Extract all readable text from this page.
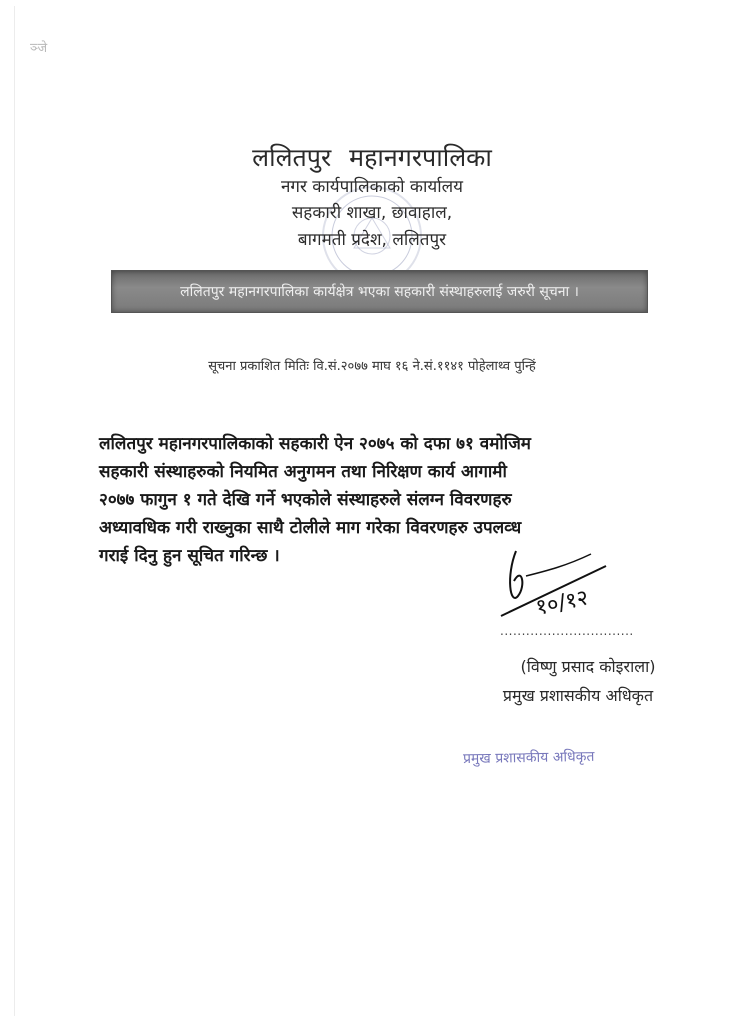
ञ्जे
ललितपुर महानगरपालिका
नगर कार्यपालिकाको कार्यालय
सहकारी शाखा, छावाहाल,
बागमती प्रदेश, ललितपुर
ललितपुर महानगरपालिका कार्यक्षेत्र भएका सहकारी संस्थाहरुलाई जरुरी सूचना ।
सूचना प्रकाशित मितिः वि.सं.२०७७ माघ १६ ने.सं.११४१ पोहेलाथ्व पुन्हिं
ललितपुर महानगरपालिकाको सहकारी ऐन २०७५ को दफा ७१ वमोजिम
सहकारी संस्थाहरुको नियमित अनुगमन तथा निरिक्षण कार्य आगामी
२०७७ फागुन १ गते देखि गर्ने भएकोले संस्थाहरुले संलग्न विवरणहरु
अध्यावधिक गरी राख्नुका साथै टोलीले माग गरेका विवरणहरु उपलव्ध
गराई दिनु हुन सूचित गरिन्छ ।
१०/१२
...............................
(विष्णु प्रसाद कोइराला)
प्रमुख प्रशासकीय अधिकृत
प्रमुख प्रशासकीय अधिकृत
